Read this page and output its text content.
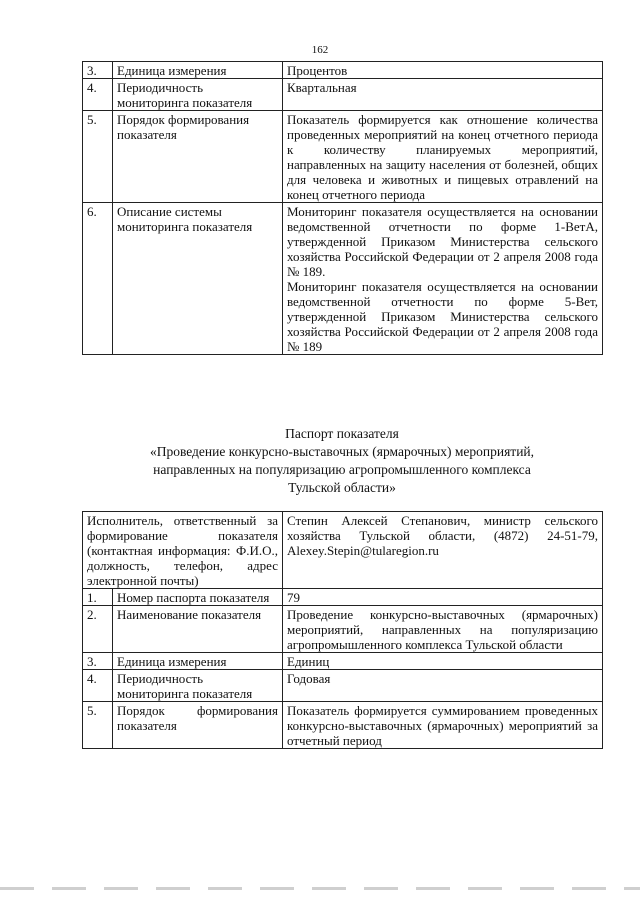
162
3.	Единица измерения	Процентов
4.	Периодичность мониторинга показателя	Квартальная
5.	Порядок формирования показателя	Показатель формируется как отношение количества проведенных мероприятий на конец отчетного периода к количеству планируемых мероприятий, направленных на защиту населения от болезней, общих для человека и животных и пищевых отравлений на конец отчетного периода
6.	Описание системы мониторинга показателя	Мониторинг показателя осуществляется на основании ведомственной отчетности по форме 1-ВетА, утвержденной Приказом Министерства сельского хозяйства Российской Федерации от 2 апреля 2008 года № 189.
Мониторинг показателя осуществляется на основании ведомственной отчетности по форме 5-Вет, утвержденной Приказом Министерства сельского хозяйства Российской Федерации от 2 апреля 2008 года № 189
Паспорт показателя
«Проведение конкурсно-выставочных (ярмарочных) мероприятий,
направленных на популяризацию агропромышленного комплекса
Тульской области»
Исполнитель, ответственный за формирование показателя (контактная информация: Ф.И.О., должность, телефон, адрес электронной почты)		Степин Алексей Степанович, министр сельского хозяйства Тульской области, (4872) 24-51-79, Alexey.Stepin@tularegion.ru
1.	Номер паспорта показателя	79
2.	Наименование показателя	Проведение конкурсно-выставочных (ярмарочных) мероприятий, направленных на популяризацию агропромышленного комплекса Тульской области
3.	Единица измерения	Единиц
4.	Периодичность мониторинга показателя	Годовая
5.	Порядок формирования показателя	Показатель формируется суммированием проведенных конкурсно-выставочных (ярмарочных) мероприятий за отчетный период
